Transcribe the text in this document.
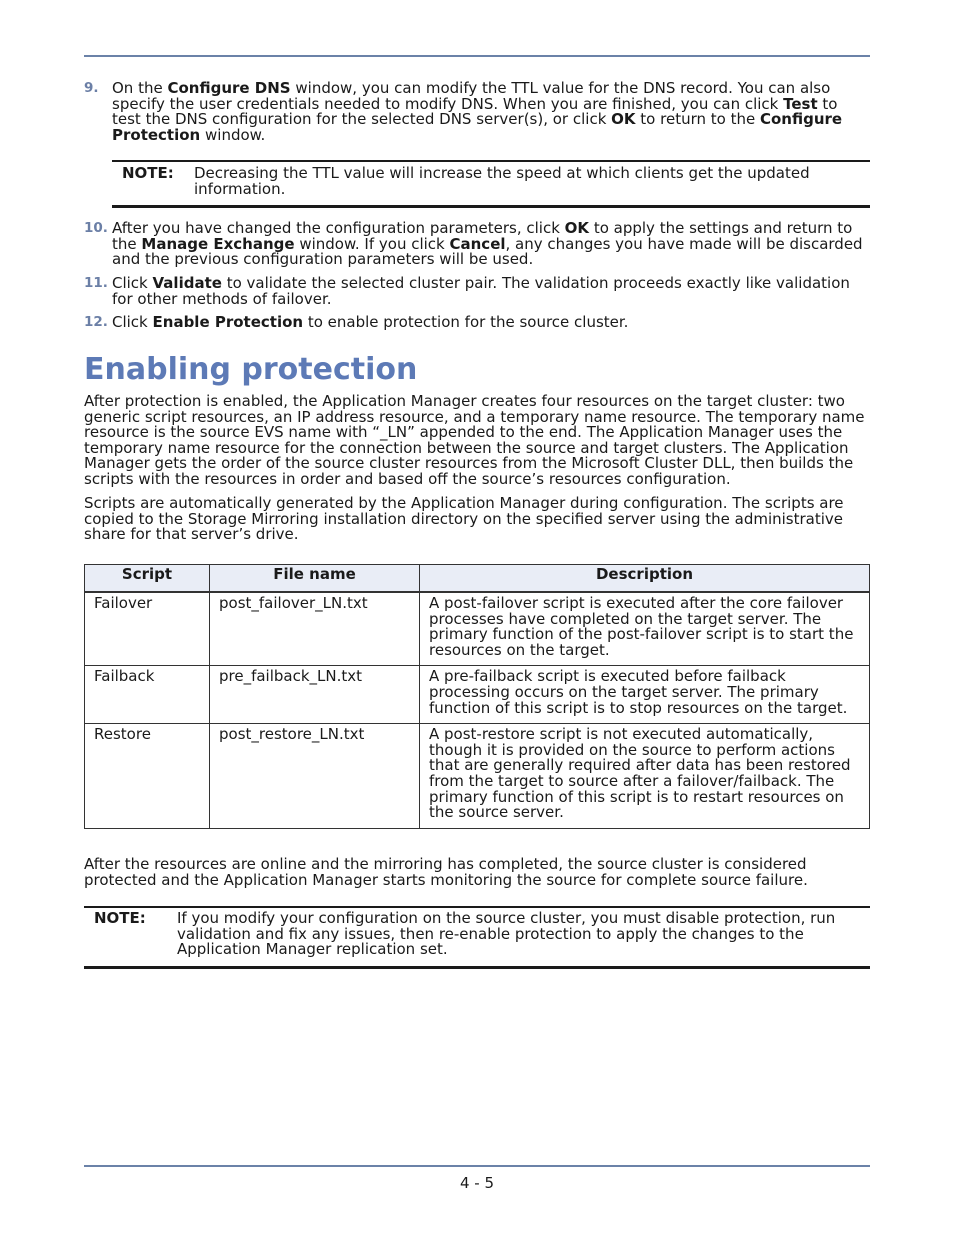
9. On the Configure DNS window, you can modify the TTL value for the DNS record. You can also specify the user credentials needed to modify DNS. When you are finished, you can click Test to test the DNS configuration for the selected DNS server(s), or click OK to return to the Configure Protection window.
NOTE: Decreasing the TTL value will increase the speed at which clients get the updated information.
10. After you have changed the configuration parameters, click OK to apply the settings and return to the Manage Exchange window. If you click Cancel, any changes you have made will be discarded and the previous configuration parameters will be used.
11. Click Validate to validate the selected cluster pair. The validation proceeds exactly like validation for other methods of failover.
12. Click Enable Protection to enable protection for the source cluster.
Enabling protection
After protection is enabled, the Application Manager creates four resources on the target cluster: two generic script resources, an IP address resource, and a temporary name resource. The temporary name resource is the source EVS name with “_LN” appended to the end. The Application Manager uses the temporary name resource for the connection between the source and target clusters. The Application Manager gets the order of the source cluster resources from the Microsoft Cluster DLL, then builds the scripts with the resources in order and based off the source’s resources configuration.
Scripts are automatically generated by the Application Manager during configuration. The scripts are copied to the Storage Mirroring installation directory on the specified server using the administrative share for that server’s drive.
Script	File name	Description
Failover	post_failover_LN.txt	A post-failover script is executed after the core failover processes have completed on the target server. The primary function of the post-failover script is to start the resources on the target.
Failback	pre_failback_LN.txt	A pre-failback script is executed before failback processing occurs on the target server. The primary function of this script is to stop resources on the target.
Restore	post_restore_LN.txt	A post-restore script is not executed automatically, though it is provided on the source to perform actions that are generally required after data has been restored from the target to source after a failover/failback. The primary function of this script is to restart resources on the source server.
After the resources are online and the mirroring has completed, the source cluster is considered protected and the Application Manager starts monitoring the source for complete source failure.
NOTE: If you modify your configuration on the source cluster, you must disable protection, run validation and fix any issues, then re-enable protection to apply the changes to the Application Manager replication set.
4 - 5
